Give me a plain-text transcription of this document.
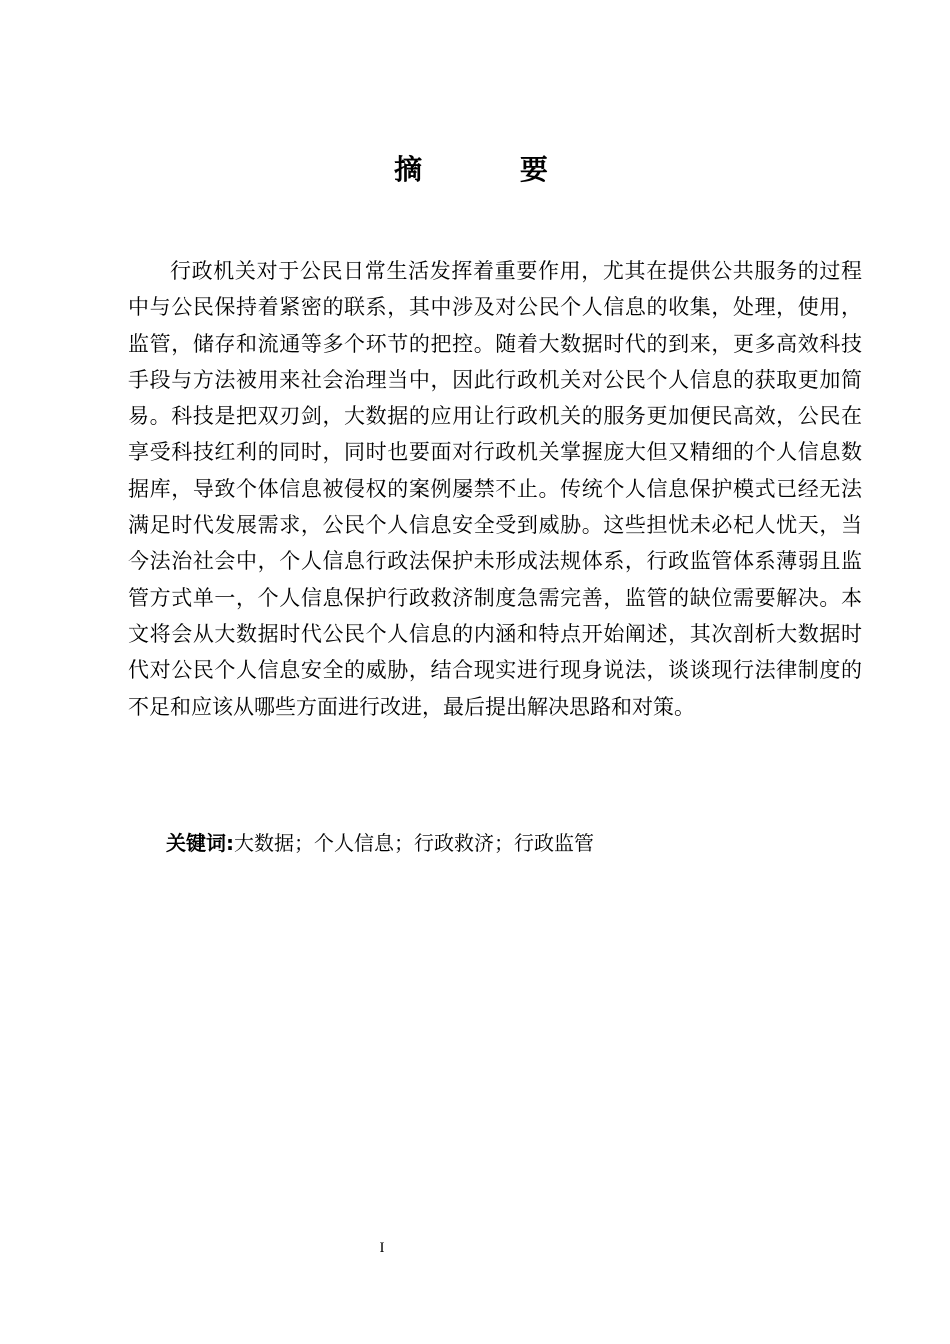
摘 要

行政机关对于公民日常生活发挥着重要作用，尤其在提供公共服务的过程中与公民保持着紧密的联系，其中涉及对公民个人信息的收集，处理，使用，监管，储存和流通等多个环节的把控。随着大数据时代的到来，更多高效科技手段与方法被用来社会治理当中，因此行政机关对公民个人信息的获取更加简易。科技是把双刃剑，大数据的应用让行政机关的服务更加便民高效，公民在享受科技红利的同时，同时也要面对行政机关掌握庞大但又精细的个人信息数据库，导致个体信息被侵权的案例屡禁不止。传统个人信息保护模式已经无法满足时代发展需求，公民个人信息安全受到威胁。这些担忧未必杞人忧天，当今法治社会中，个人信息行政法保护未形成法规体系，行政监管体系薄弱且监管方式单一，个人信息保护行政救济制度急需完善，监管的缺位需要解决。本文将会从大数据时代公民个人信息的内涵和特点开始阐述，其次剖析大数据时代对公民个人信息安全的威胁，结合现实进行现身说法，谈谈现行法律制度的不足和应该从哪些方面进行改进，最后提出解决思路和对策。

关键词:大数据；个人信息；行政救济；行政监管

I
